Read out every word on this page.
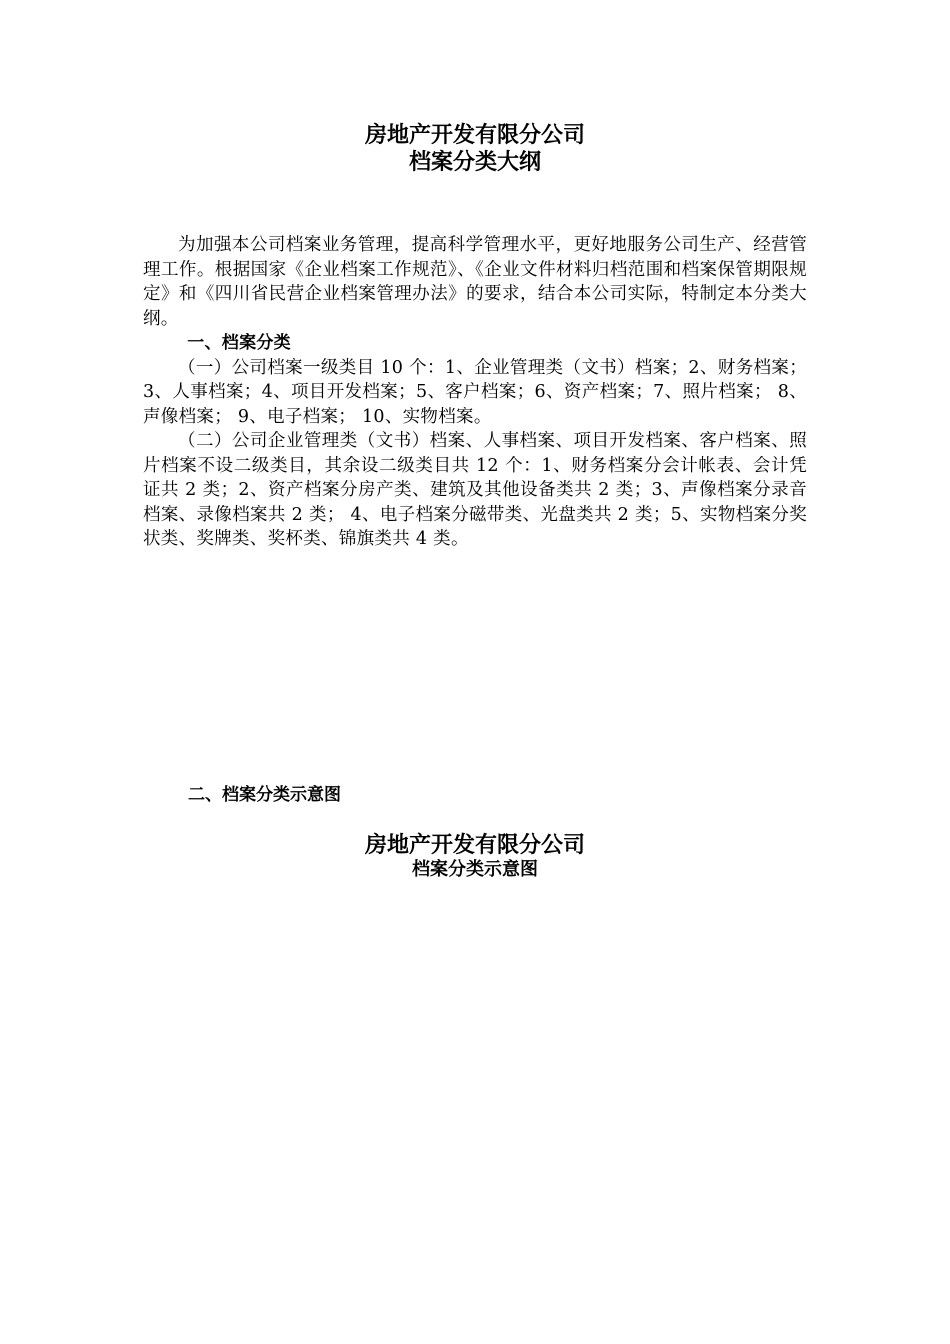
房地产开发有限分公司
档案分类大纲

为加强本公司档案业务管理，提高科学管理水平，更好地服务公司生产、经营管理工作。根据国家《企业档案工作规范》、《企业文件材料归档范围和档案保管期限规定》和《四川省民营企业档案管理办法》的要求，结合本公司实际，特制定本分类大纲。

一、档案分类

（一）公司档案一级类目 10 个：1、企业管理类（文书）档案；2、财务档案；3、人事档案；4、项目开发档案；5、客户档案；6、资产档案；7、照片档案； 8、声像档案； 9、电子档案； 10、实物档案。

（二）公司企业管理类（文书）档案、人事档案、项目开发档案、客户档案、照片档案不设二级类目，其余设二级类目共 12 个：1、财务档案分会计帐表、会计凭证共 2 类；2、资产档案分房产类、建筑及其他设备类共 2 类；3、声像档案分录音档案、录像档案共 2 类； 4、电子档案分磁带类、光盘类共 2 类；5、实物档案分奖状类、奖牌类、奖杯类、锦旗类共 4 类。

二、档案分类示意图
房地产开发有限分公司
档案分类示意图
